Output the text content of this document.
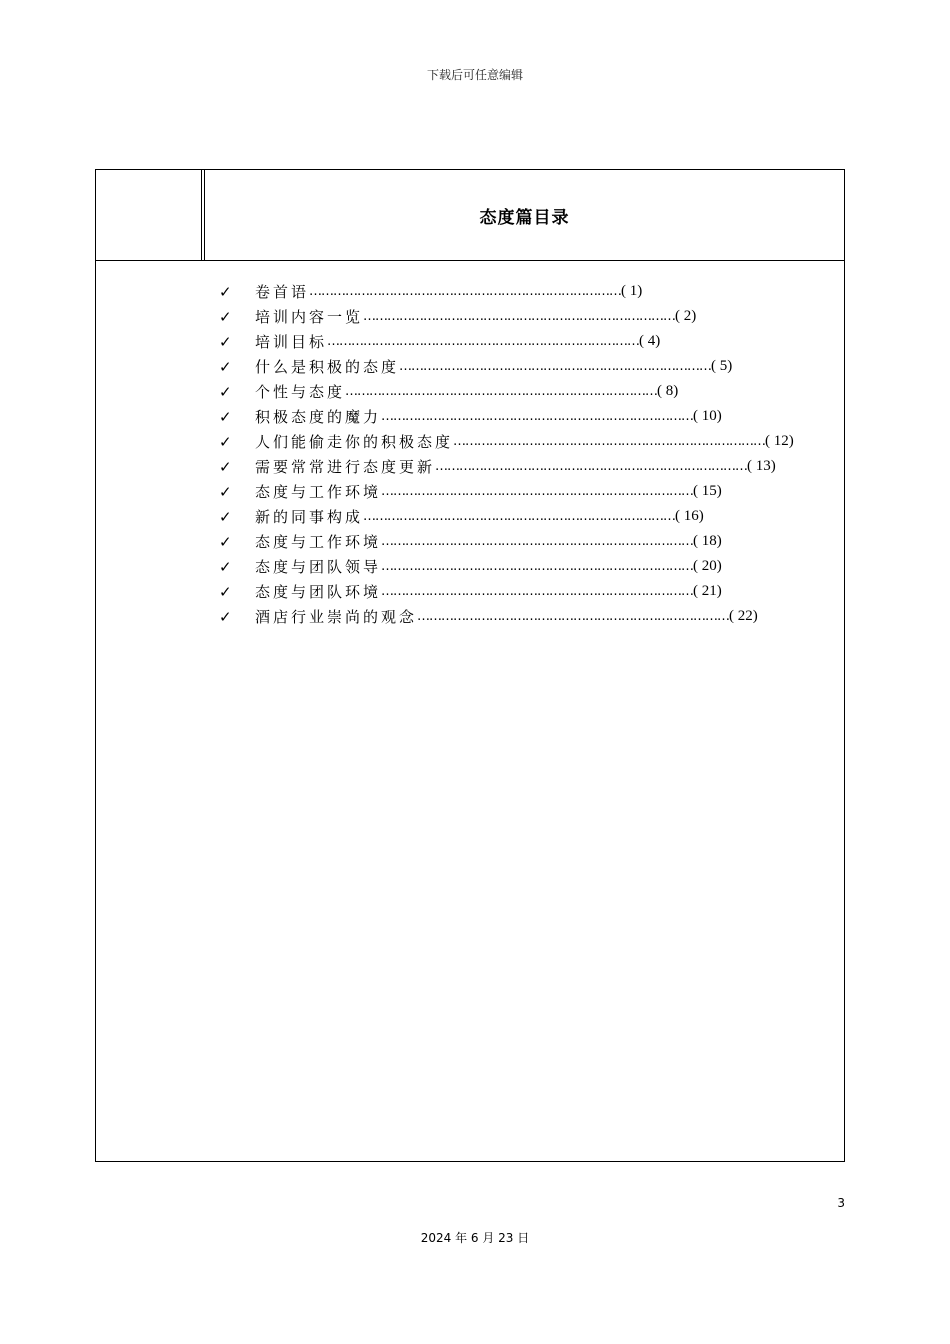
下载后可任意编辑
态度篇目录
✓	卷首语 …………………………………………………………………… ( 1)
✓	培训内容一览 …………………………………………………………………… ( 2)
✓	培训目标 …………………………………………………………………… ( 4)
✓	什么是积极的态度 …………………………………………………………………… ( 5)
✓	个性与态度 …………………………………………………………………… ( 8)
✓	积极态度的魔力 …………………………………………………………………… ( 10)
✓	人们能偷走你的积极态度 …………………………………………………………………… ( 12)
✓	需要常常进行态度更新 …………………………………………………………………… ( 13)
✓	态度与工作环境 …………………………………………………………………… ( 15)
✓	新的同事构成 …………………………………………………………………… ( 16)
✓	态度与工作环境 …………………………………………………………………… ( 18)
✓	态度与团队领导 …………………………………………………………………… ( 20)
✓	态度与团队环境 …………………………………………………………………… ( 21)
✓	酒店行业崇尚的观念 …………………………………………………………………… ( 22)
3
2024 年 6 月 23 日
